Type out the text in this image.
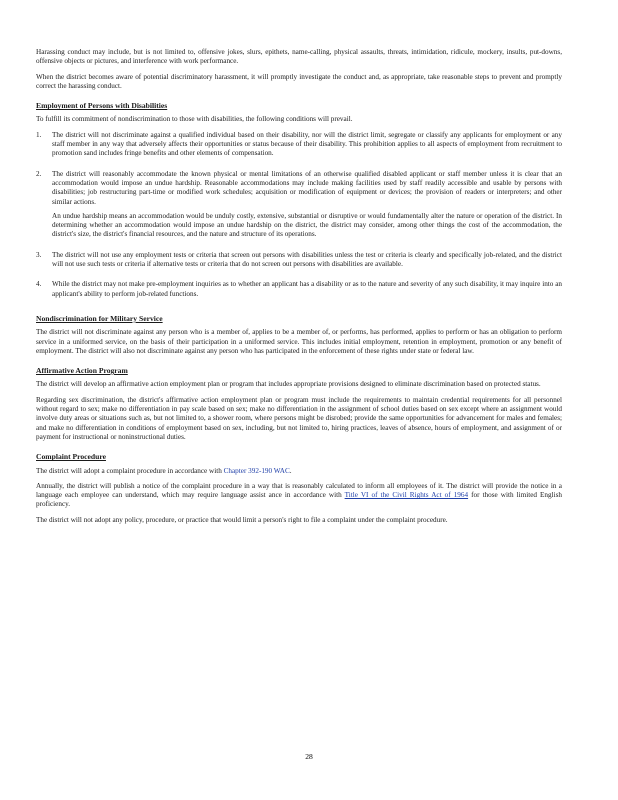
Harassing conduct may include, but is not limited to, offensive jokes, slurs, epithets, name-calling, physical assaults, threats, intimidation, ridicule, mockery, insults, put-downs, offensive objects or pictures, and interference with work performance.

When the district becomes aware of potential discriminatory harassment, it will promptly investigate the conduct and, as appropriate, take reasonable steps to prevent and promptly correct the harassing conduct.

Employment of Persons with Disabilities

To fulfill its commitment of nondiscrimination to those with disabilities, the following conditions will prevail.

1.	The district will not discriminate against a qualified individual based on their disability, nor will the district limit, segregate or classify any applicants for employment or any staff member in any way that adversely affects their opportunities or status because of their disability. This prohibition applies to all aspects of employment from recruitment to promotion sand includes fringe benefits and other elements of compensation.

2.	The district will reasonably accommodate the known physical or mental limitations of an otherwise qualified disabled applicant or staff member unless it is clear that an accommodation would impose an undue hardship. Reasonable accommodations may include making facilities used by staff readily accessible and usable by persons with disabilities; job restructuring part-time or modified work schedules; acquisition or modification of equipment or devices; the provision of readers or interpreters; and other similar actions.

An undue hardship means an accommodation would be unduly costly, extensive, substantial or disruptive or would fundamentally alter the nature or operation of the district. In determining whether an accommodation would impose an undue hardship on the district, the district may consider, among other things the cost of the accommodation, the district's size, the district's financial resources, and the nature and structure of its operations.

3.	The district will not use any employment tests or criteria that screen out persons with disabilities unless the test or criteria is clearly and specifically job-related, and the district will not use such tests or criteria if alternative tests or criteria that do not screen out persons with disabilities are available.

4.	While the district may not make pre-employment inquiries as to whether an applicant has a disability or as to the nature and severity of any such disability, it may inquire into an applicant's ability to perform job-related functions.

Nondiscrimination for Military Service

The district will not discriminate against any person who is a member of, applies to be a member of, or performs, has performed, applies to perform or has an obligation to perform service in a uniformed service, on the basis of their participation in a uniformed service. This includes initial employment, retention in employment, promotion or any benefit of employment. The district will also not discriminate against any person who has participated in the enforcement of these rights under state or federal law.

Affirmative Action Program

The district will develop an affirmative action employment plan or program that includes appropriate provisions designed to eliminate discrimination based on protected status.

Regarding sex discrimination, the district's affirmative action employment plan or program must include the requirements to maintain credential requirements for all personnel without regard to sex; make no differentiation in pay scale based on sex; make no differentiation in the assignment of school duties based on sex except where an assignment would involve duty areas or situations such as, but not limited to, a shower room, where persons might be disrobed; provide the same opportunities for advancement for males and females; and make no differentiation in conditions of employment based on sex, including, but not limited to, hiring practices, leaves of absence, hours of employment, and assignment of or payment for instructional or noninstructional duties.

Complaint Procedure

The district will adopt a complaint procedure in accordance with Chapter 392-190 WAC.

Annually, the district will publish a notice of the complaint procedure in a way that is reasonably calculated to inform all employees of it. The district will provide the notice in a language each employee can understand, which may require language assist ance in accordance with Title VI of the Civil Rights Act of 1964 for those with limited English proficiency.

The district will not adopt any policy, procedure, or practice that would limit a person's right to file a complaint under the complaint procedure.

28
